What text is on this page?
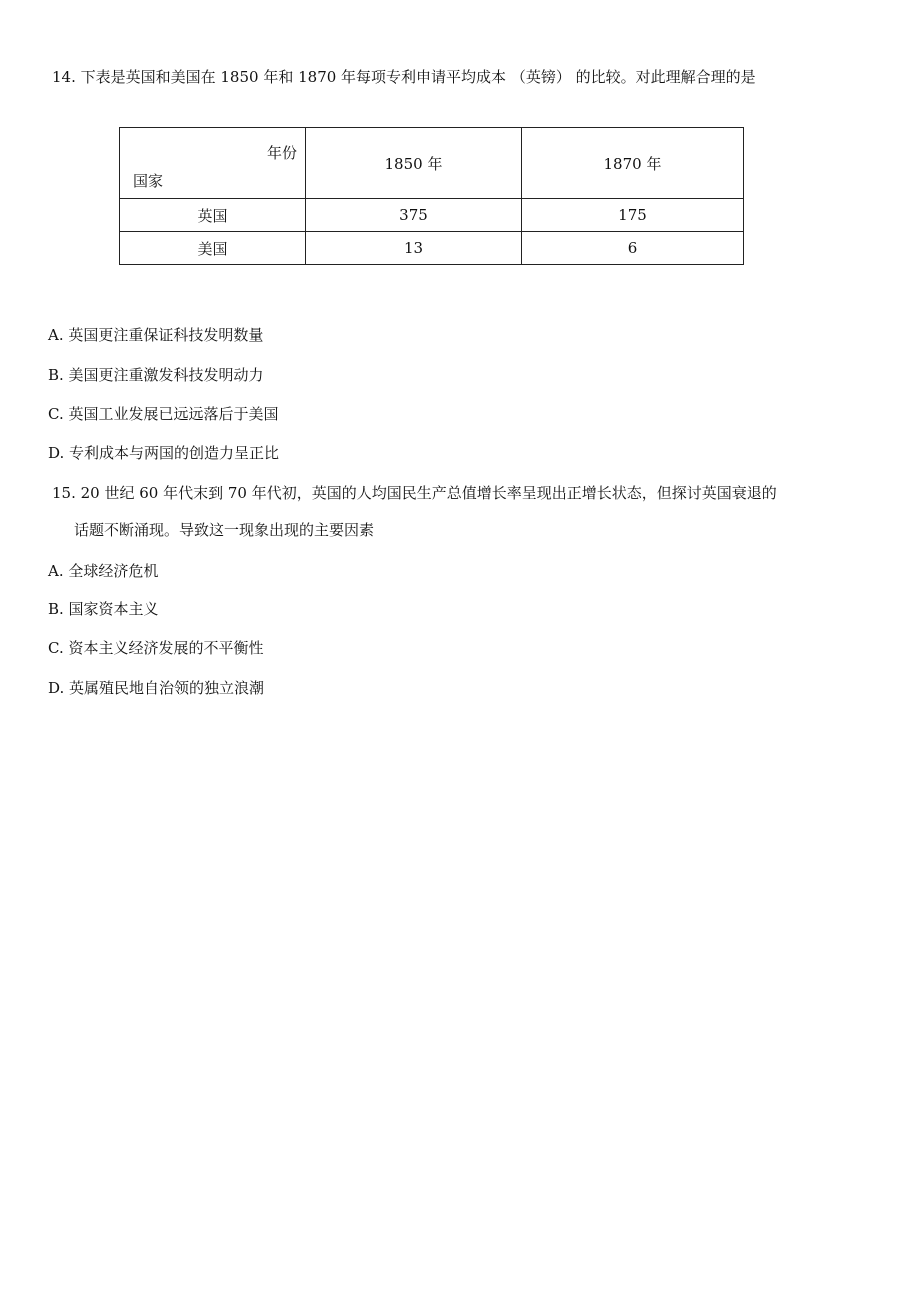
14. 下表是英国和美国在 1850 年和 1870 年每项专利申请平均成本 （英镑） 的比较。对此理解合理的是
年份
国家	1850 年	1870 年
英国	375	175
美国	13	6
A. 英国更注重保证科技发明数量
B. 美国更注重激发科技发明动力
C. 英国工业发展已远远落后于美国
D. 专利成本与两国的创造力呈正比
15. 20 世纪 60 年代末到 70 年代初，英国的人均国民生产总值增长率呈现出正增长状态，但探讨英国衰退的
话题不断涌现。导致这一现象出现的主要因素
A. 全球经济危机
B. 国家资本主义
C. 资本主义经济发展的不平衡性
D. 英属殖民地自治领的独立浪潮
